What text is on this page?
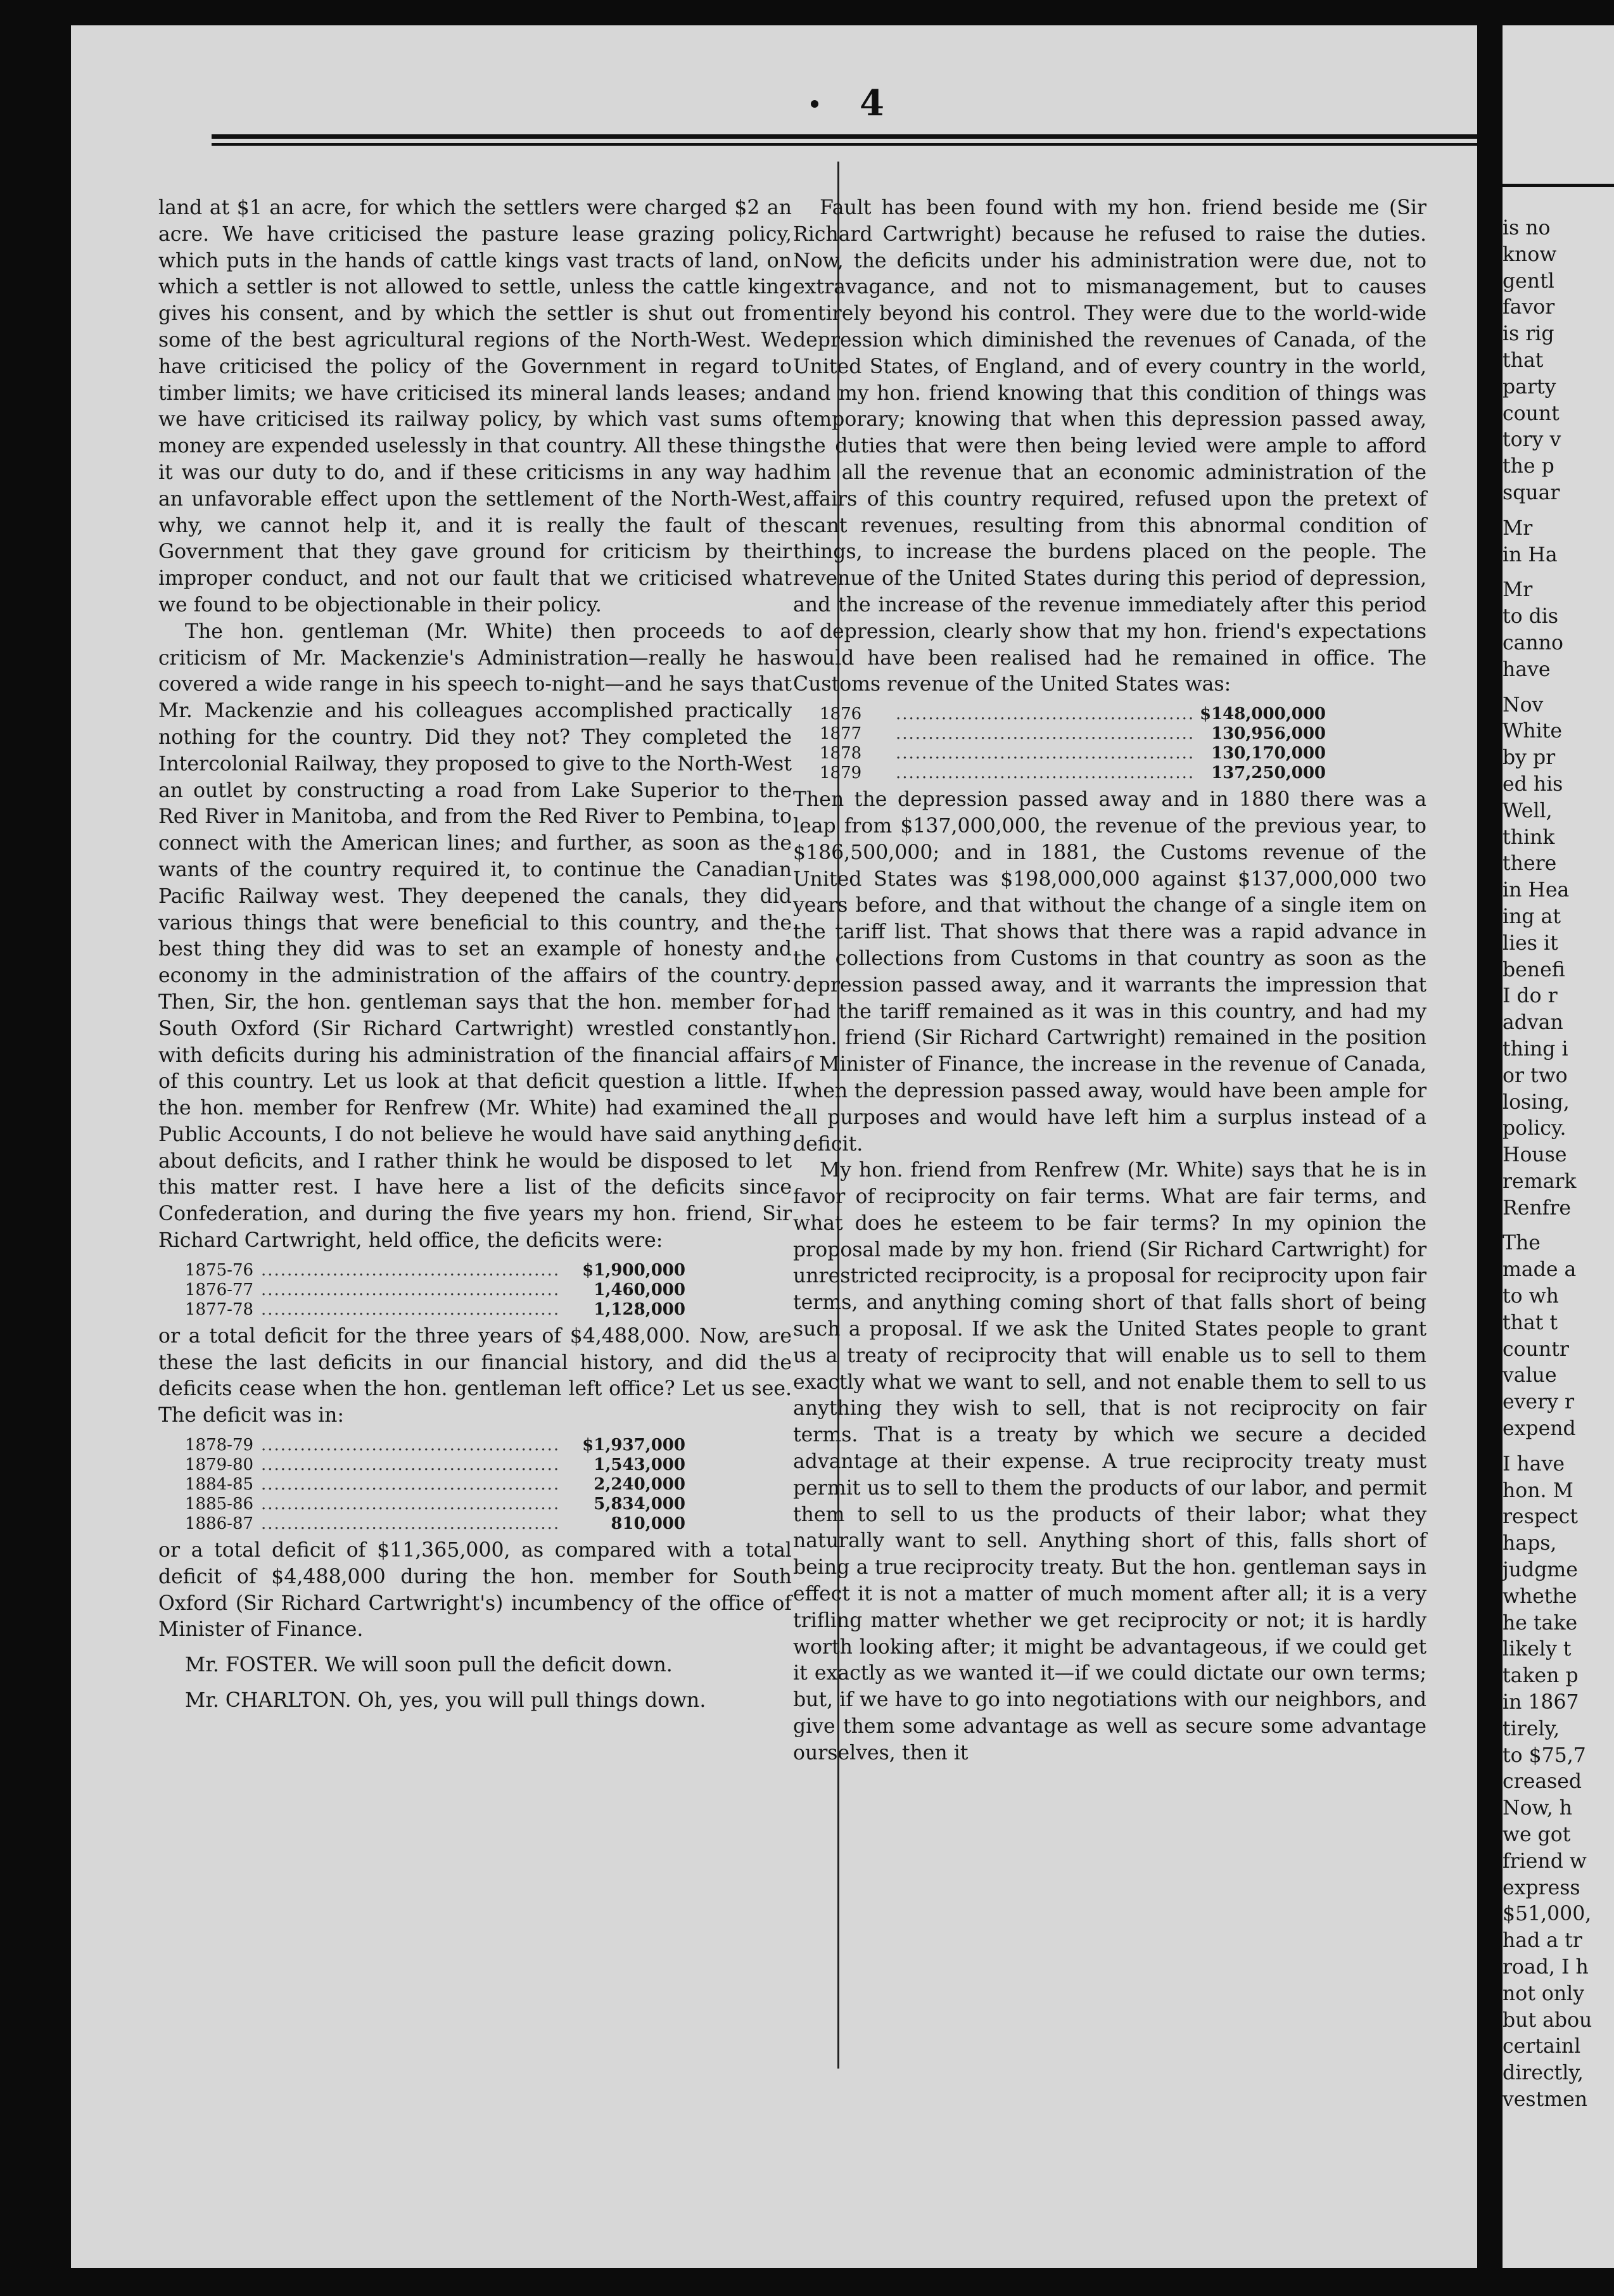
4

land at $1 an acre, for which the settlers were charged $2 an acre. We have criticised the pasture lease grazing policy, which puts in the hands of cattle kings vast tracts of land, on which a settler is not allowed to settle, unless the cattle king gives his consent, and by which the settler is shut out from some of the best agricultural regions of the North-West. We have criticised the policy of the Government in regard to timber limits; we have criticised its mineral lands leases; and we have criticised its railway policy, by which vast sums of money are expended uselessly in that country. All these things it was our duty to do, and if these criticisms in any way had an unfavorable effect upon the settlement of the North-West, why, we cannot help it, and it is really the fault of the Government that they gave ground for criticism by their improper conduct, and not our fault that we criticised what we found to be objectionable in their policy.

The hon. gentleman (Mr. White) then proceeds to a criticism of Mr. Mackenzie's Administration—really he has covered a wide range in his speech to-night—and he says that Mr. Mackenzie and his colleagues accomplished practically nothing for the country. Did they not? They completed the Intercolonial Railway, they proposed to give to the North-West an outlet by constructing a road from Lake Superior to the Red River in Manitoba, and from the Red River to Pembina, to connect with the American lines; and further, as soon as the wants of the country required it, to continue the Canadian Pacific Railway west. They deepened the canals, they did various things that were beneficial to this country, and the best thing they did was to set an example of honesty and economy in the administration of the affairs of the country. Then, Sir, the hon. gentleman says that the hon. member for South Oxford (Sir Richard Cartwright) wrestled constantly with deficits during his administration of the financial affairs of this country. Let us look at that deficit question a little. If the hon. member for Renfrew (Mr. White) had examined the Public Accounts, I do not believe he would have said anything about deficits, and I rather think he would be disposed to let this matter rest. I have here a list of the deficits since Confederation, and during the five years my hon. friend, Sir Richard Cartwright, held office, the deficits were:

1875-76	..............................................	$1,900,000
1876-77	..............................................	1,460,000
1877-78	..............................................	1,128,000

or a total deficit for the three years of $4,488,000. Now, are these the last deficits in our financial history, and did the deficits cease when the hon. gentleman left office? Let us see. The deficit was in:

1878-79	..............................................	$1,937,000
1879-80	..............................................	1,543,000
1884-85	..............................................	2,240,000
1885-86	..............................................	5,834,000
1886-87	..............................................	810,000

or a total deficit of $11,365,000, as compared with a total deficit of $4,488,000 during the hon. member for South Oxford (Sir Richard Cartwright's) incumbency of the office of Minister of Finance.

Mr. FOSTER. We will soon pull the deficit down.

Mr. CHARLTON. Oh, yes, you will pull things down.

Fault has been found with my hon. friend beside me (Sir Richard Cartwright) because he refused to raise the duties. Now, the deficits under his administration were due, not to extravagance, and not to mismanagement, but to causes entirely beyond his control. They were due to the world-wide depression which diminished the revenues of Canada, of the United States, of England, and of every country in the world, and my hon. friend knowing that this condition of things was temporary; knowing that when this depression passed away, the duties that were then being levied were ample to afford him all the revenue that an economic administration of the affairs of this country required, refused upon the pretext of scant revenues, resulting from this abnormal condition of things, to increase the burdens placed on the people. The revenue of the United States during this period of depression, and the increase of the revenue immediately after this period of depression, clearly show that my hon. friend's expectations would have been realised had he remained in office. The Customs revenue of the United States was:

1876	..............................................	$148,000,000
1877	..............................................	130,956,000
1878	..............................................	130,170,000
1879	..............................................	137,250,000

Then the depression passed away and in 1880 there was a leap from $137,000,000, the revenue of the previous year, to $186,500,000; and in 1881, the Customs revenue of the United States was $198,000,000 against $137,000,000 two years before, and that without the change of a single item on the tariff list. That shows that there was a rapid advance in the collections from Customs in that country as soon as the depression passed away, and it warrants the impression that had the tariff remained as it was in this country, and had my hon. friend (Sir Richard Cartwright) remained in the position of Minister of Finance, the increase in the revenue of Canada, when the depression passed away, would have been ample for all purposes and would have left him a surplus instead of a deficit.

My hon. friend from Renfrew (Mr. White) says that he is in favor of reciprocity on fair terms. What are fair terms, and what does he esteem to be fair terms? In my opinion the proposal made by my hon. friend (Sir Richard Cartwright) for unrestricted reciprocity, is a proposal for reciprocity upon fair terms, and anything coming short of that falls short of being such a proposal. If we ask the United States people to grant us a treaty of reciprocity that will enable us to sell to them exactly what we want to sell, and not enable them to sell to us anything they wish to sell, that is not reciprocity on fair terms. That is a treaty by which we secure a decided advantage at their expense. A true reciprocity treaty must permit us to sell to them the products of our labor, and permit them to sell to us the products of their labor; what they naturally want to sell. Anything short of this, falls short of being a true reciprocity treaty. But the hon. gentleman says in effect it is not a matter of much moment after all; it is a very trifling matter whether we get reciprocity or not; it is hardly worth looking after; it might be advantageous, if we could get it exactly as we wanted it—if we could dictate our own terms; but, if we have to go into negotiations with our neighbors, and give them some advantage as well as secure some advantage ourselves, then it

is no
know
gentl
favor
is rig
that
party
count
tory v
the p
squar
Mr
in Ha
Mr
to dis
canno
have
Nov
White
by pr
ed his
Well,
think
there
in Hea
ing at
lies it
benefi
I do r
advan
thing i
or two
losing,
policy.
House
remark
Renfre
The
made a
to wh
that t
countr
value
every r
expend
I have
hon. M
respect
haps,
judgme
whethe
he take
likely t
taken p
in 1867
tirely,
to $75,7
creased
Now, h
we got
friend w
express
$51,000,
had a tr
road, I h
not only
but abou
certainl
directly,
vestmen
